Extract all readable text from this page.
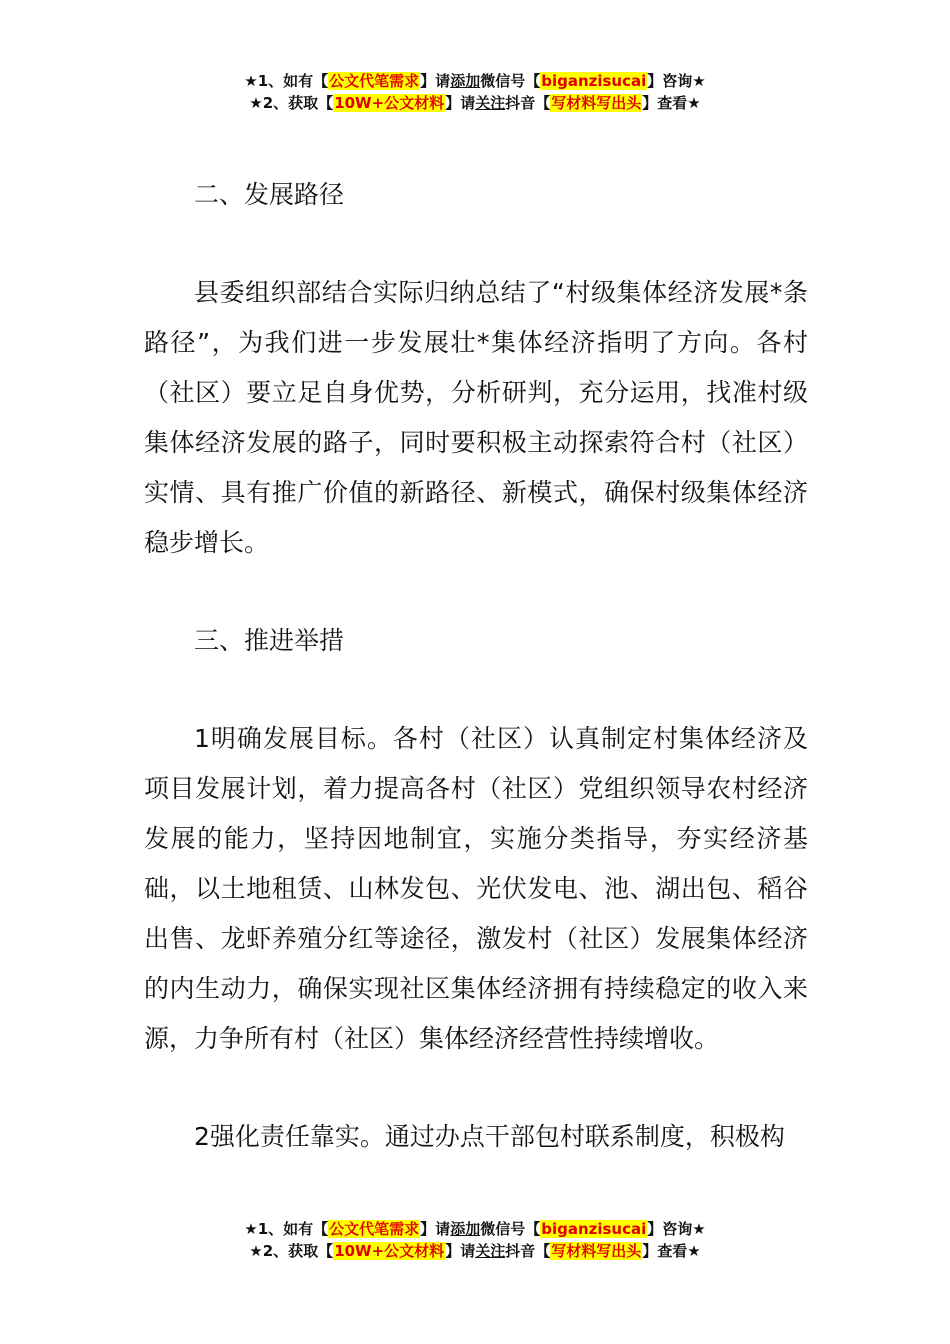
★1、如有【公文代笔需求】请添加微信号【biganzisucai】咨询★
★2、获取【10W+公文材料】请关注抖音【写材料写出头】查看★

二、发展路径

县委组织部结合实际归纳总结了“村级集体经济发展*条路径”，为我们进一步发展壮*集体经济指明了方向。各村（社区）要立足自身优势，分析研判，充分运用，找准村级集体经济发展的路子，同时要积极主动探索符合村（社区）实情、具有推广价值的新路径、新模式，确保村级集体经济稳步增长。

三、推进举措

1明确发展目标。各村（社区）认真制定村集体经济及项目发展计划，着力提高各村（社区）党组织领导农村经济发展的能力，坚持因地制宜，实施分类指导，夯实经济基础，以土地租赁、山林发包、光伏发电、池、湖出包、稻谷出售、龙虾养殖分红等途径，激发村（社区）发展集体经济的内生动力，确保实现社区集体经济拥有持续稳定的收入来源，力争所有村（社区）集体经济经营性持续增收。

2强化责任靠实。通过办点干部包村联系制度，积极构

★1、如有【公文代笔需求】请添加微信号【biganzisucai】咨询★
★2、获取【10W+公文材料】请关注抖音【写材料写出头】查看★
